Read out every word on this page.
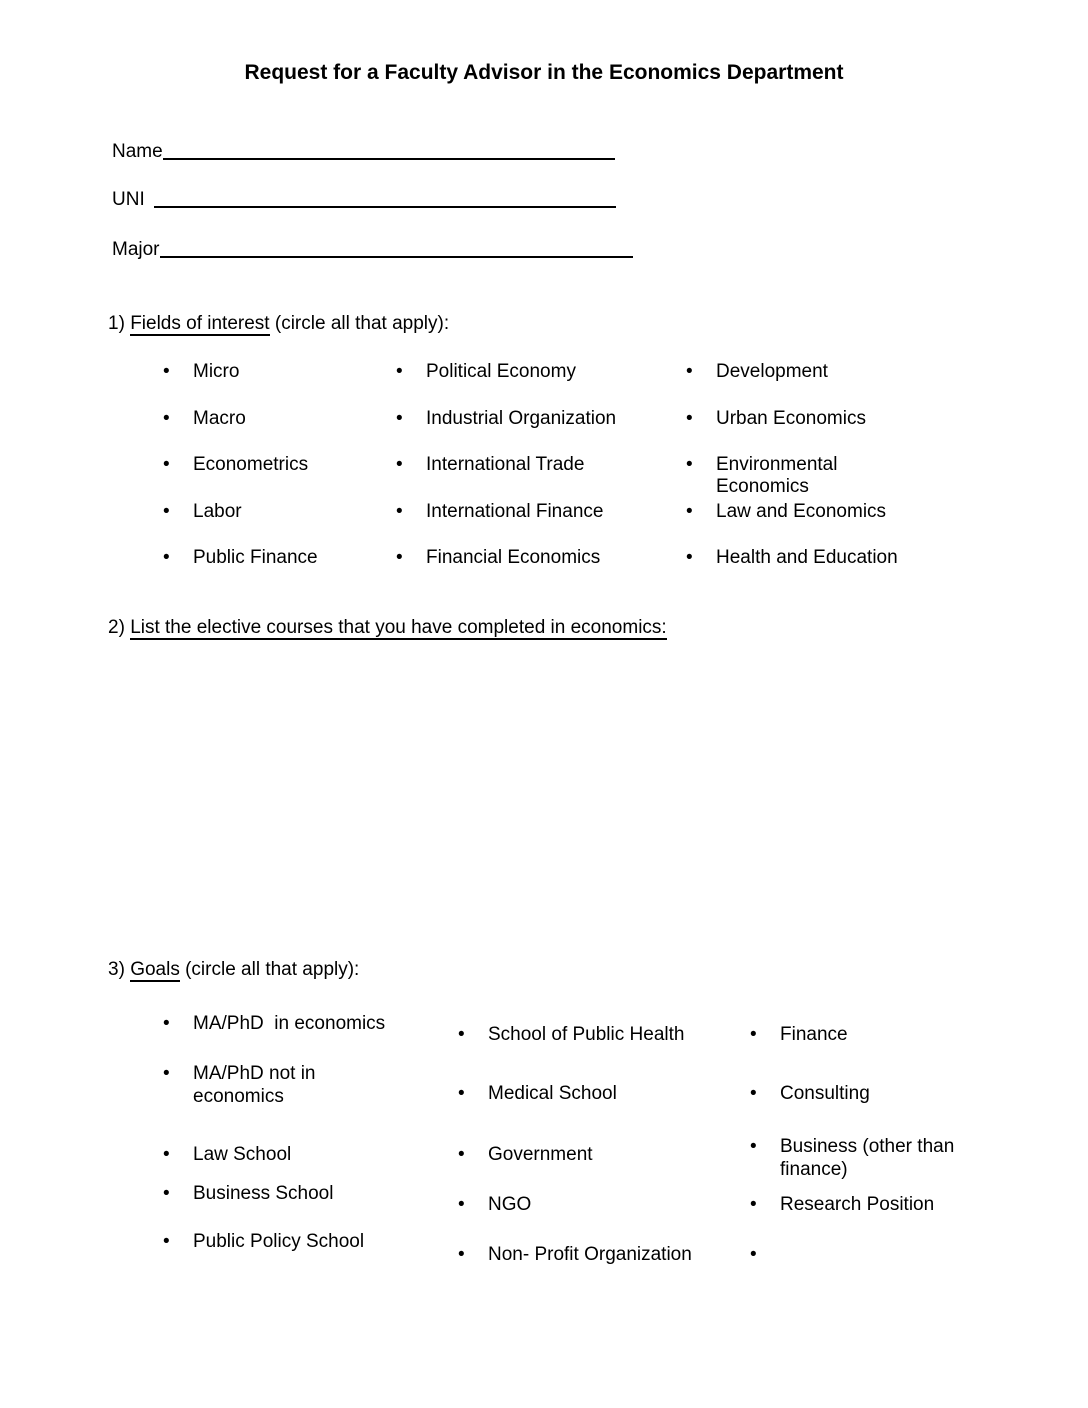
Request for a Faculty Advisor in the Economics Department
Name
UNI
Major
1) Fields of interest (circle all that apply):
•
Micro •	Political Economy •	Development
•
Macro •	Industrial Organization •	Urban Economics
•
Econometrics •	International Trade •	Environmental Economics
•
Labor •	International Finance •	Law and Economics
•
Public Finance •	Financial Economics •	Health and Education
2) List the elective courses that you have completed in economics:
3) Goals (circle all that apply):
•
MA/PhD  in economics
•
MA/PhD not in economics
•
Law School
•
Business School
•
Public Policy School
•
School of Public Health
•
Medical School
•
Government
•
NGO
•
Non- Profit Organization
•
Finance
•
Consulting
•
Business (other than finance)
•
Research Position
•
